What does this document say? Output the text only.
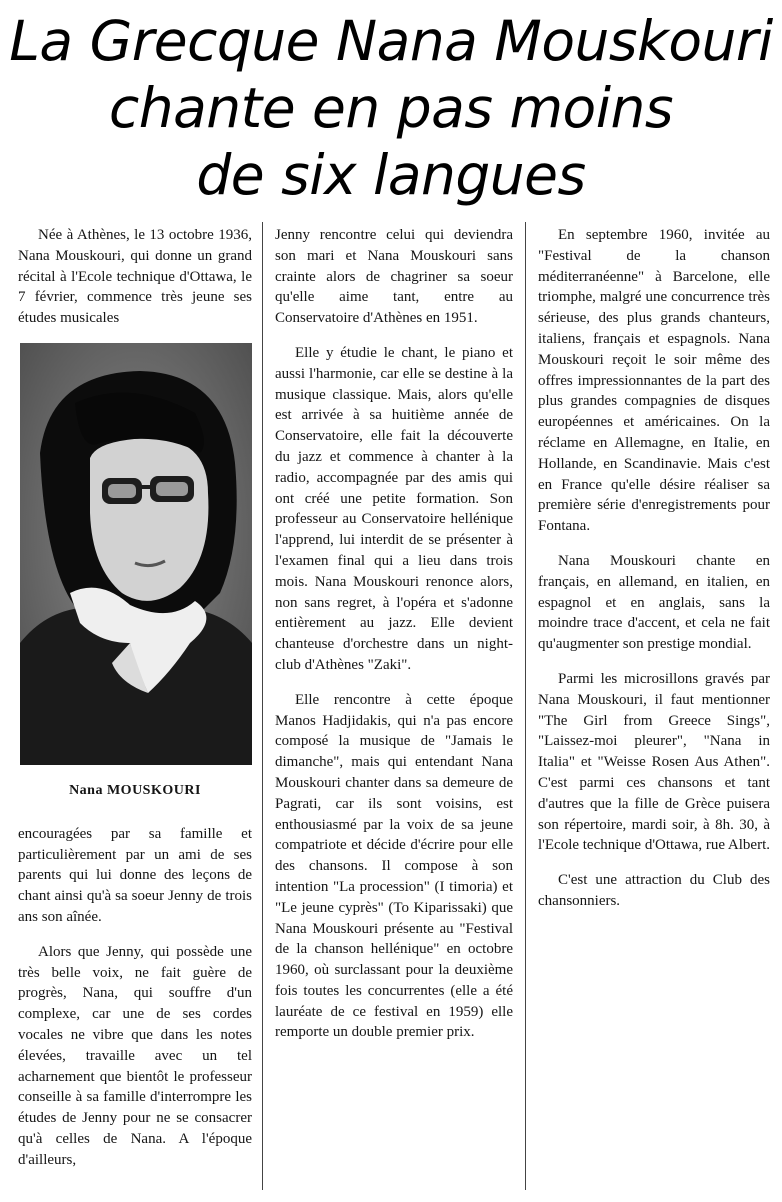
La Grecque Nana Mouskouri
chante en pas moins
de six langues

Née à Athènes, le 13 octobre 1936, Nana Mouskouri, qui donne un grand récital à l'Ecole technique d'Ottawa, le 7 février, commence très jeune ses études musicales

Nana MOUSKOURI

encouragées par sa famille et particulièrement par un ami de ses parents qui lui donne des leçons de chant ainsi qu'à sa soeur Jenny de trois ans son aînée.

Alors que Jenny, qui possède une très belle voix, ne fait guère de progrès, Nana, qui souffre d'un complexe, car une de ses cordes vocales ne vibre que dans les notes élevées, travaille avec un tel acharnement que bientôt le professeur conseille à sa famille d'interrompre les études de Jenny pour ne se consacrer qu'à celles de Nana. A l'époque d'ailleurs,

Jenny rencontre celui qui deviendra son mari et Nana Mouskouri sans crainte alors de chagriner sa soeur qu'elle aime tant, entre au Conservatoire d'Athènes en 1951.

Elle y étudie le chant, le piano et aussi l'harmonie, car elle se destine à la musique classique. Mais, alors qu'elle est arrivée à sa huitième année de Conservatoire, elle fait la découverte du jazz et commence à chanter à la radio, accompagnée par des amis qui ont créé une petite formation. Son professeur au Conservatoire hellénique l'apprend, lui interdit de se présenter à l'examen final qui a lieu dans trois mois. Nana Mouskouri renonce alors, non sans regret, à l'opéra et s'adonne entièrement au jazz. Elle devient chanteuse d'orchestre dans un night-club d'Athènes "Zaki".

Elle rencontre à cette époque Manos Hadjidakis, qui n'a pas encore composé la musique de "Jamais le dimanche", mais qui entendant Nana Mouskouri chanter dans sa demeure de Pagrati, car ils sont voisins, est enthousiasmé par la voix de sa jeune compatriote et décide d'écrire pour elle des chansons. Il compose à son intention "La procession" (I timoria) et "Le jeune cyprès" (To Kiparissaki) que Nana Mouskouri présente au "Festival de la chanson hellénique" en octobre 1960, où surclassant pour la deuxième fois toutes les concurrentes (elle a été lauréate de ce festival en 1959) elle remporte un double premier prix.

En septembre 1960, invitée au "Festival de la chanson méditerranéenne" à Barcelone, elle triomphe, malgré une concurrence très sérieuse, des plus grands chanteurs, italiens, français et espagnols. Nana Mouskouri reçoit le soir même des offres impressionnantes de la part des plus grandes compagnies de disques européennes et américaines. On la réclame en Allemagne, en Italie, en Hollande, en Scandinavie. Mais c'est en France qu'elle désire réaliser sa première série d'enregistrements pour Fontana.

Nana Mouskouri chante en français, en allemand, en italien, en espagnol et en anglais, sans la moindre trace d'accent, et cela ne fait qu'augmenter son prestige mondial.

Parmi les microsillons gravés par Nana Mouskouri, il faut mentionner "The Girl from Greece Sings", "Laissez-moi pleurer", "Nana in Italia" et "Weisse Rosen Aus Athen". C'est parmi ces chansons et tant d'autres que la fille de Grèce puisera son répertoire, mardi soir, à 8h. 30, à l'Ecole technique d'Ottawa, rue Albert.

C'est une attraction du Club des chansonniers.
